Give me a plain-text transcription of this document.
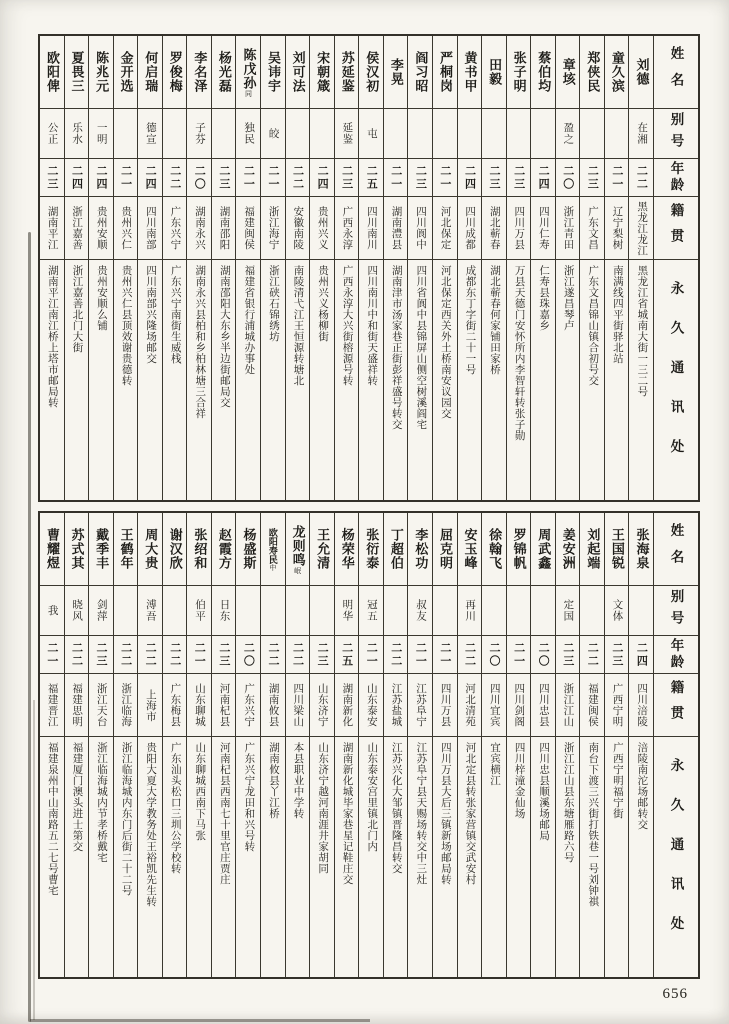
姓名
别号
年龄
籍贯
永久通讯处
刘德
在湘
二二
黑龙江龙江
黑龙江省城南大街一三二号
童久滨
二一
辽宁梨树
南满线四平街驿北站
郑侠民
二三
广东文昌
广东文昌锦山镇合初号交
章垓
盈之
二〇
浙江青田
浙江遂昌琴卢
蔡伯均
二四
四川仁寿
仁寿县珠嘉乡
张子明
二三
四川万县
万县天德门安怀所内李智轩转张子勋
田毅
二三
湖北蕲春
湖北蕲春何家铺田家桥
黄书甲
二四
四川成都
成都东丁字街二十一号
严桐岗
二一
河北保定
河北保定西关外土桥南安议园交
阎习昭
二三
四川阆中
四川省阆中县锦屏山侧空树溪阎宅
李晃
二一
湖南澧县
湖南津市汤家巷正街彭祥盛号转交
侯汉初
屯
二五
四川南川
四川南川中和街天盛祥转
苏延鉴
延鉴
二三
广西永淳
广西永淳大兴街榕源号转
宋朝箴
二四
贵州兴义
贵州兴义杨柳街
刘可法
二二
安徽南陵
南陵清弋江王恒源转塘北
吴讳宇
皎
二一
浙江海宁
浙江硖石锦绣坊
陈戊孙同
独民
二一
福建闽侯
福建省银行浦城办事处
杨光磊
二三
湖南邵阳
湖南邵阳大东乡半边街邮局交
李名泽
子芬
二〇
湖南永兴
湖南永兴县柏和乡柏林塘三合祥
罗俊梅
二二
广东兴宁
广东兴宁南街生威栈
何启瑞
德宣
二四
四川南部
四川南部兴隆场邮交
金开选
二一
贵州兴仁
贵州兴仁县顶效谢贵德转
陈兆元
一明
二四
贵州安顺
贵州安顺么铺
夏畏三
乐水
二四
浙江嘉善
浙江嘉善北门大街
欧阳俾
公正
二三
湖南平江
湖南平江南江桥上塔市邮局转
姓名
别号
年龄
籍贯
永久通讯处
张海泉
二四
四川涪陵
涪陵南沱场邮转交
王国锐
文体
二三
广西宁明
广西宁明福宁街
刘起端
二二
福建闽侯
南台下渡三兴街打铁巷一号刘钟祺
姜安洲
定国
二三
浙江江山
浙江江山县东塘雁路六号
周武鑫
二〇
四川忠县
四川忠县顺溪场邮局
罗锦帆
二一
四川剑阁
四川梓潼金仙场
徐翰飞
二〇
四川宜宾
宜宾横江
安玉峰
再川
二二
河北清苑
河北定县转张家营镇交武安村
屈克明
二一
四川万县
四川万县大后三镇新场邮局转
李松功
叔友
二一
江苏阜宁
江苏阜宁县天赐场转交中三灶
丁超伯
二二
江苏盐城
江苏兴化大邹镇晋隆昌转交
张衍泰
冠五
二一
山东泰安
山东泰安宫里镇北门内
杨荣华
明华
二五
湖南新化
湖南新化城毕家巷星记鞋庄交
王允清
二三
山东济宁
山东济宁越河南涯井家胡同
龙则鸣岷
二二
四川梁山
本县职业中学转
欧阳寿民中
二二
湖南攸县
湖南攸县丫江桥
杨盛斯
二〇
广东兴宁
广东兴宁龙田和兴号转
赵霞方
日东
二三
河南杞县
河南杞县西南七十里官庄贾庄
张绍和
伯平
二一
山东聊城
山东聊城西南下马张
谢汉欣
二二
广东梅县
广东汕头松口三圳公学校转
周大贵
溥吾
二二
上海市
贵阳大夏大学教务处王裕凯先生转
王鹤年
二二
浙江临海
浙江临海城内东门后街二十二号
戴季丰
剑萍
二三
浙江天台
浙江临海城内节孝桥戴宅
苏式其
晓风
二二
福建思明
福建厦门澳头进士第交
曹耀煜
我
二一
福建晋江
福建泉州中山南路五二七号曹宅
656
